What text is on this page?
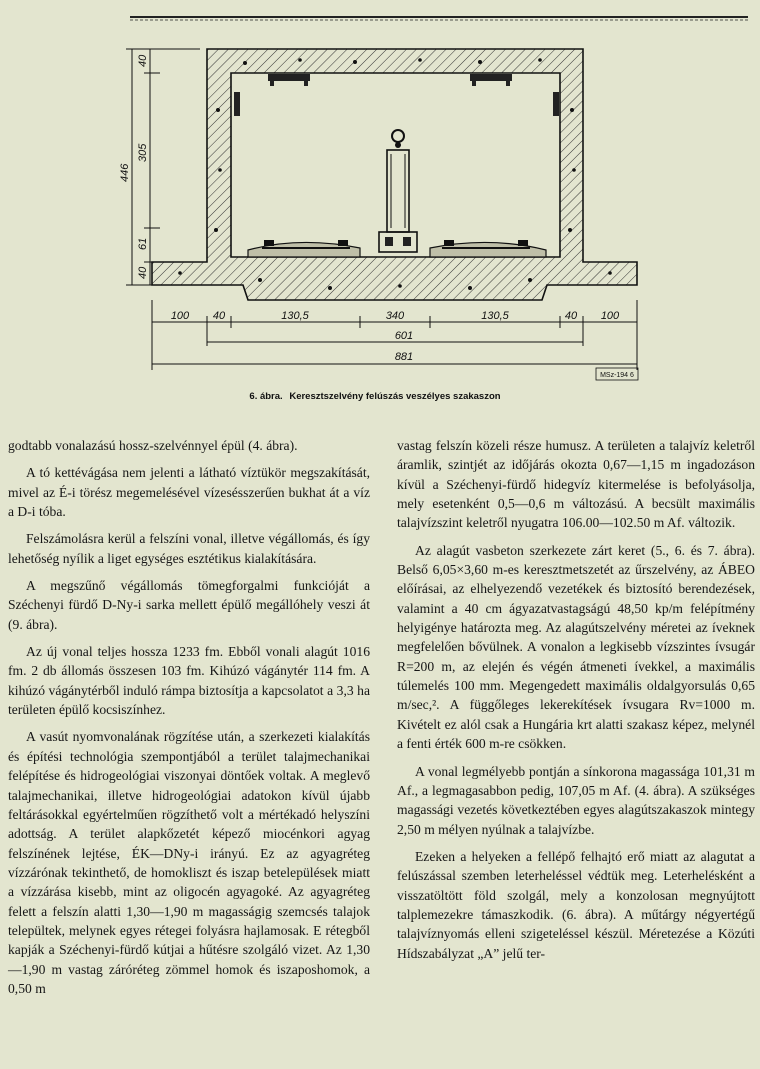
40
305
446
61
40
100 40	130,5	340	130,5	40 100
601
881
MSz-194 6
6. ábra. Keresztszelvény felúszás veszélyes szakaszon

godtabb vonalazású hossz-szelvénnyel épül (4. ábra).

A tó kettévágása nem jelenti a látható víztükör megszakítását, mivel az É-i törész megemelésével vízesésszerűen bukhat át a víz a D-i tóba.

Felszámolásra kerül a felszíni vonal, illetve végállomás, és így lehetőség nyílik a liget egységes esztétikus kialakítására.

A megszűnő végállomás tömegforgalmi funkcióját a Széchenyi fürdő D-Ny-i sarka mellett épülő megállóhely veszi át (9. ábra).

Az új vonal teljes hossza 1233 fm. Ebből vonali alagút 1016 fm. 2 db állomás összesen 103 fm. Kihúzó vágánytér 114 fm. A kihúzó vágánytérből induló rámpa biztosítja a kapcsolatot a 3,3 ha területen épülő kocsiszínhez.

A vasút nyomvonalának rögzítése után, a szerkezeti kialakítás és építési technológia szempontjából a terület talajmechanikai felépítése és hidrogeológiai viszonyai döntőek voltak. A meglevő talajmechanikai, illetve hidrogeológiai adatokon kívül újabb feltárásokkal egyértelműen rögzíthető volt a mértékadó helyszíni adottság. A terület alapkőzetét képező miocénkori agyag felszínének lejtése, ÉK—DNy-i irányú. Ez az agyagréteg vízzárónak tekinthető, de homokliszt és iszap betelepülések miatt a vízzárása kisebb, mint az oligocén agyagoké. Az agyagréteg felett a felszín alatti 1,30—1,90 m magasságig szemcsés talajok települtek, melynek egyes rétegei folyásra hajlamosak. E rétegből kapják a Széchenyi-fürdő kútjai a hűtésre szolgáló vizet. Az 1,30—1,90 m vastag záróréteg zömmel homok és iszaposhomok, a 0,50 m

vastag felszín közeli része humusz. A területen a talajvíz keletről áramlik, szintjét az időjárás okozta 0,67—1,15 m ingadozáson kívül a Széchenyi-fürdő hidegvíz kitermelése is befolyásolja, mely esetenként 0,5—0,6 m változású. A becsült maximális talajvízszint keletről nyugatra 106.00—102.50 m Af. változik.

Az alagút vasbeton szerkezete zárt keret (5., 6. és 7. ábra). Belső 6,05×3,60 m-es keresztmetszetét az űrszelvény, az ÁBEO előírásai, az elhelyezendő vezetékek és biztosító berendezések, valamint a 40 cm ágyazatvastagságú 48,50 kp/m felépítmény helyigénye határozta meg. Az alagútszelvény méretei az íveknek megfelelően bővülnek. A vonalon a legkisebb vízszintes ívsugár R=200 m, az elején és végén átmeneti ívekkel, a maximális túlemelés 100 mm. Megengedett maximális oldalgyorsulás 0,65 m/sec,². A függőleges lekerekítések ívsugara Rv=1000 m. Kivételt ez alól csak a Hungária krt alatti szakasz képez, melynél a fenti érték 600 m-re csökken.

A vonal legmélyebb pontján a sínkorona magassága 101,31 m Af., a legmagasabbon pedig, 107,05 m Af. (4. ábra). A szükséges magassági vezetés következtében egyes alagútszakaszok mintegy 2,50 m mélyen nyúlnak a talajvízbe.

Ezeken a helyeken a fellépő felhajtó erő miatt az alagutat a felúszással szemben leterheléssel védtük meg. Leterhelésként a visszatöltött föld szolgál, mely a konzolosan megnyújtott talplemezekre támaszkodik. (6. ábra). A műtárgy négyertégű talajvíznyomás elleni szigeteléssel készül. Méretezése a Közúti Hídszabályzat „A” jelű ter-
